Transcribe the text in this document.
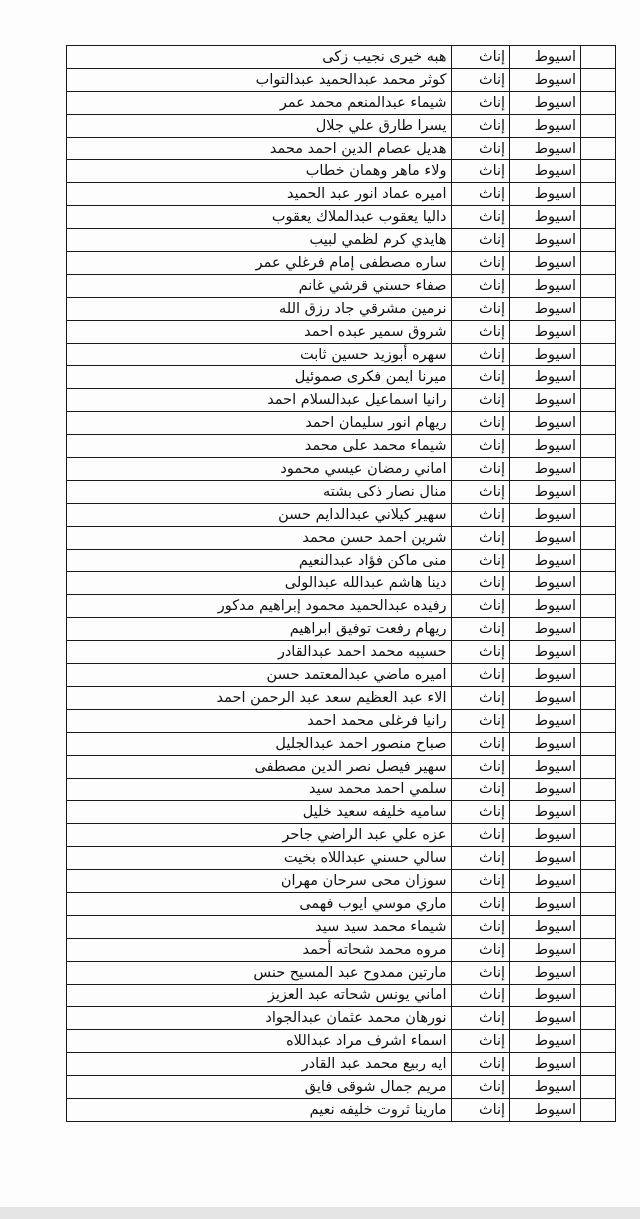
هبه خيرى نجيب زكى	إناث	اسيوط	
كوثر محمد عبدالحميد عبدالتواب	إناث	اسيوط	
شيماء عبدالمنعم محمد عمر	إناث	اسيوط	
يسرا طارق علي جلال	إناث	اسيوط	
هديل عصام الدين احمد محمد	إناث	اسيوط	
ولاء ماهر وهمان خطاب	إناث	اسيوط	
اميره عماد انور عبد الحميد	إناث	اسيوط	
داليا يعقوب عبدالملاك يعقوب	إناث	اسيوط	
هايدي كرم لظمي لبيب	إناث	اسيوط	
ساره مصطفى إمام فرغلي عمر	إناث	اسيوط	
صفاء حسني قرشي غانم	إناث	اسيوط	
نرمين مشرقي جاد رزق الله	إناث	اسيوط	
شروق سمير عبده احمد	إناث	اسيوط	
سهره أبوزيد حسين ثابت	إناث	اسيوط	
ميرنا ايمن فكرى صموئيل	إناث	اسيوط	
رانيا اسماعيل عبدالسلام احمد	إناث	اسيوط	
ريهام انور سليمان احمد	إناث	اسيوط	
شيماء محمد على محمد	إناث	اسيوط	
اماني رمضان عيسي محمود	إناث	اسيوط	
منال نصار ذكى بشته	إناث	اسيوط	
سهير كيلاني عبدالدايم حسن	إناث	اسيوط	
شرين احمد حسن محمد	إناث	اسيوط	
منى ماكن فؤاد عبدالنعيم	إناث	اسيوط	
دينا هاشم عبدالله عبدالولى	إناث	اسيوط	
رفيده عبدالحميد محمود إبراهيم مدكور	إناث	اسيوط	
ريهام رفعت توفيق ابراهيم	إناث	اسيوط	
حسيبه محمد احمد عبدالقادر	إناث	اسيوط	
اميره ماضي عبدالمعتمد حسن	إناث	اسيوط	
الاء عبد العظيم سعد عبد الرحمن احمد	إناث	اسيوط	
رانيا فرغلى محمد احمد	إناث	اسيوط	
صباح منصور احمد عبدالجليل	إناث	اسيوط	
سهير فيصل نصر الدين مصطفى	إناث	اسيوط	
سلمي احمد محمد سيد	إناث	اسيوط	
ساميه خليفه سعيد خليل	إناث	اسيوط	
عزه علي عبد الراضي جاحر	إناث	اسيوط	
سالي حسني عبداللاه بخيت	إناث	اسيوط	
سوزان محى سرحان مهران	إناث	اسيوط	
ماري موسي ايوب فهمى	إناث	اسيوط	
شيماء محمد سيد سيد	إناث	اسيوط	
مروه محمد شحاته أحمد	إناث	اسيوط	
مارتين ممدوح عبد المسيح حنس	إناث	اسيوط	
اماني يونس شحاته عبد العزيز	إناث	اسيوط	
نورهان محمد عثمان عبدالجواد	إناث	اسيوط	
اسماء اشرف مراد عبداللاه	إناث	اسيوط	
ايه ربيع محمد عبد القادر	إناث	اسيوط	
مريم جمال شوقى فايق	إناث	اسيوط	
مارينا ثروت خليفه نعيم	إناث	اسيوط	
